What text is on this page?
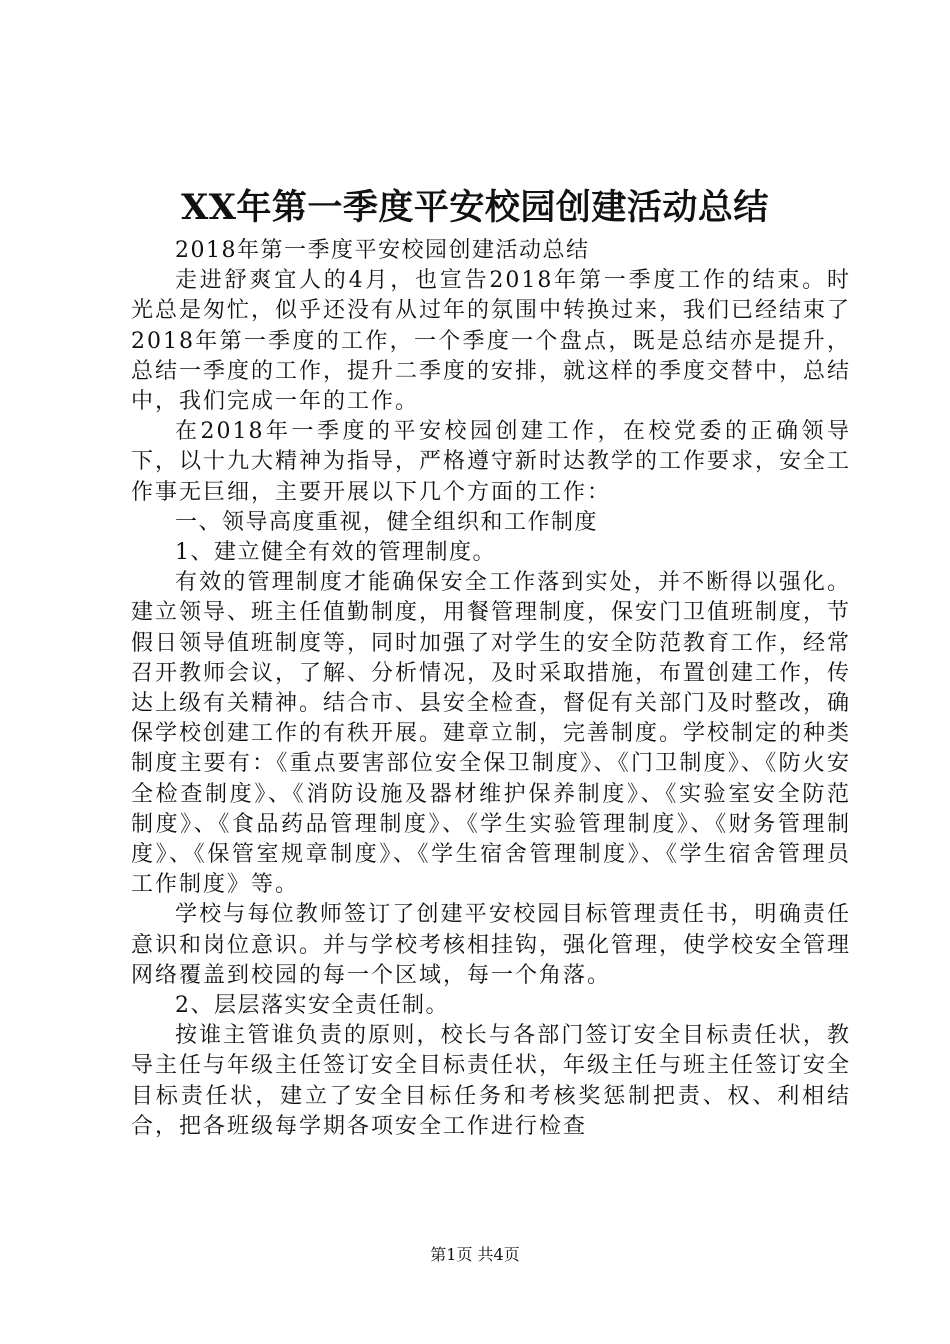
XX年第一季度平安校园创建活动总结

2018年第一季度平安校园创建活动总结

走进舒爽宜人的4月，也宣告2018年第一季度工作的结束。时光总是匆忙，似乎还没有从过年的氛围中转换过来，我们已经结束了2018年第一季度的工作，一个季度一个盘点，既是总结亦是提升，总结一季度的工作，提升二季度的安排，就这样的季度交替中，总结中，我们完成一年的工作。

在2018年一季度的平安校园创建工作，在校党委的正确领导下，以十九大精神为指导，严格遵守新时达教学的工作要求，安全工作事无巨细，主要开展以下几个方面的工作：

一、领导高度重视，健全组织和工作制度

1、建立健全有效的管理制度。

有效的管理制度才能确保安全工作落到实处，并不断得以强化。建立领导、班主任值勤制度，用餐管理制度，保安门卫值班制度，节假日领导值班制度等，同时加强了对学生的安全防范教育工作，经常召开教师会议，了解、分析情况，及时采取措施，布置创建工作，传达上级有关精神。结合市、县安全检查，督促有关部门及时整改，确保学校创建工作的有秩开展。建章立制，完善制度。学校制定的种类制度主要有：《重点要害部位安全保卫制度》、《门卫制度》、《防火安全检查制度》、《消防设施及器材维护保养制度》、《实验室安全防范制度》、《食品药品管理制度》、《学生实验管理制度》、《财务管理制度》、《保管室规章制度》、《学生宿舍管理制度》、《学生宿舍管理员工作制度》等。

学校与每位教师签订了创建平安校园目标管理责任书，明确责任意识和岗位意识。并与学校考核相挂钩，强化管理，使学校安全管理网络覆盖到校园的每一个区域，每一个角落。

2、层层落实安全责任制。

按谁主管谁负责的原则，校长与各部门签订安全目标责任状，教导主任与年级主任签订安全目标责任状，年级主任与班主任签订安全目标责任状，建立了安全目标任务和考核奖惩制把责、权、利相结合，把各班级每学期各项安全工作进行检查

第1页 共4页
